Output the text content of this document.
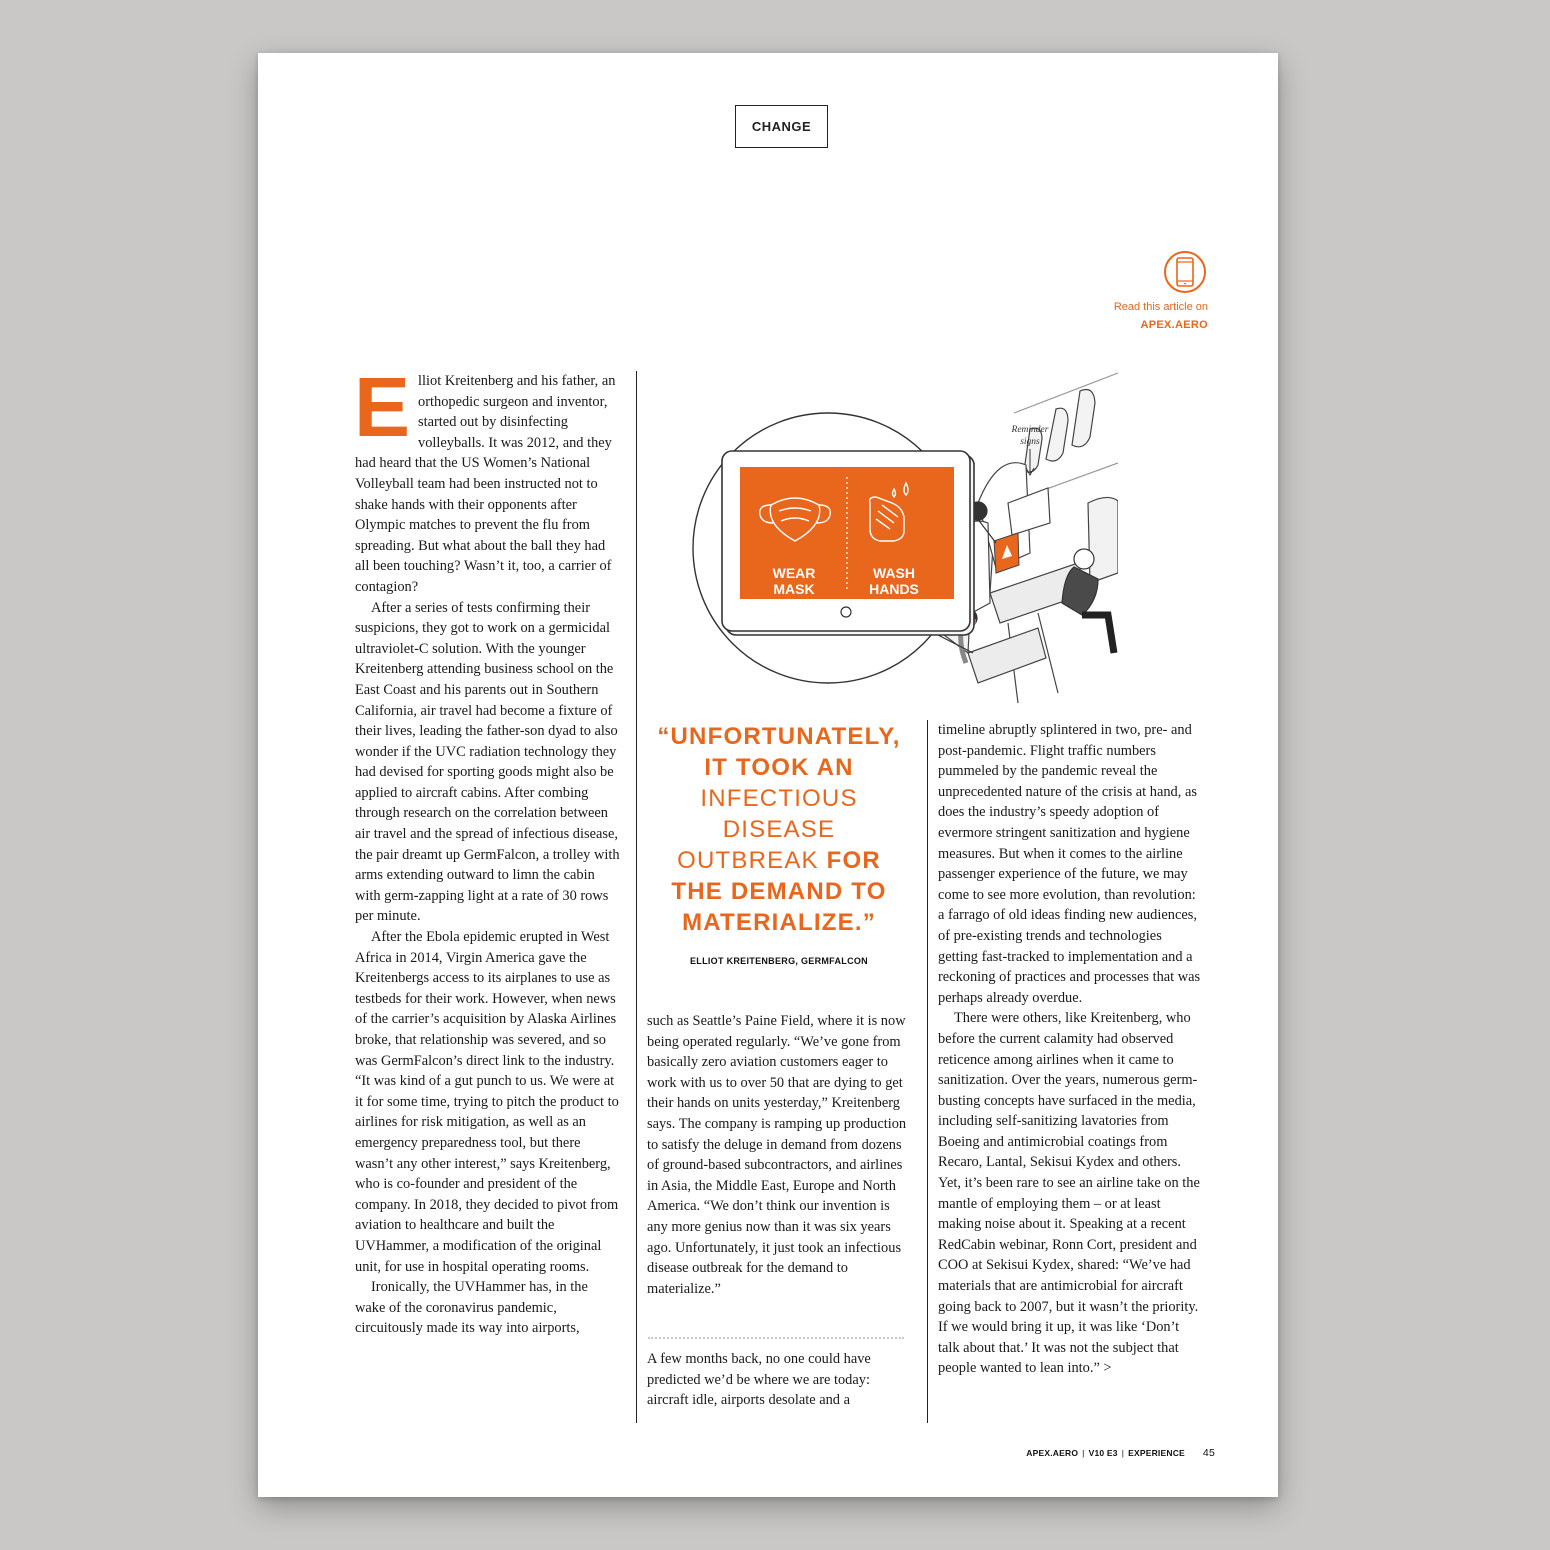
CHANGE
Read this article on
APEX.AERO
E lliot Kreitenberg and his father, an orthopedic surgeon and inventor, started out by disinfecting volleyballs. It was 2012, and they had heard that the US Women’s National Volleyball team had been instructed not to shake hands with their opponents after Olympic matches to prevent the flu from spreading. But what about the ball they had all been touching? Wasn’t it, too, a carrier of contagion?

After a series of tests confirming their suspicions, they got to work on a germicidal ultraviolet-C solution. With the younger Kreitenberg attending business school on the East Coast and his parents out in Southern California, air travel had become a fixture of their lives, leading the father-son dyad to also wonder if the UVC radiation technology they had devised for sporting goods might also be applied to aircraft cabins. After combing through research on the correlation between air travel and the spread of infectious disease, the pair dreamt up GermFalcon, a trolley with arms extending outward to limn the cabin with germ-zapping light at a rate of 30 rows per minute.

After the Ebola epidemic erupted in West Africa in 2014, Virgin America gave the Kreitenbergs access to its airplanes to use as testbeds for their work. However, when news of the carrier’s acquisition by Alaska Airlines broke, that relationship was severed, and so was GermFalcon’s direct link to the industry. “It was kind of a gut punch to us. We were at it for some time, trying to pitch the product to airlines for risk mitigation, as well as an emergency preparedness tool, but there wasn’t any other interest,” says Kreitenberg, who is co-founder and president of the company. In 2018, they decided to pivot from aviation to healthcare and built the UVHammer, a modification of the original unit, for use in hospital operating rooms.

Ironically, the UVHammer has, in the wake of the coronavirus pandemic, circuitously made its way into airports,

WEAR
MASK
WASH
HANDS
Reminder
signs
“UNFORTUNATELY, IT TOOK AN INFECTIOUS DISEASE OUTBREAK FOR THE DEMAND TO MATERIALIZE.”
ELLIOT KREITENBERG, GERMFALCON

such as Seattle’s Paine Field, where it is now being operated regularly. “We’ve gone from basically zero aviation customers eager to work with us to over 50 that are dying to get their hands on units yesterday,” Kreitenberg says. The company is ramping up production to satisfy the deluge in demand from dozens of ground-based subcontractors, and airlines in Asia, the Middle East, Europe and North America. “We don’t think our invention is any more genius now than it was six years ago. Unfortunately, it just took an infectious disease outbreak for the demand to materialize.”

A few months back, no one could have predicted we’d be where we are today: aircraft idle, airports desolate and a

timeline abruptly splintered in two, pre- and post-pandemic. Flight traffic numbers pummeled by the pandemic reveal the unprecedented nature of the crisis at hand, as does the industry’s speedy adoption of evermore stringent sanitization and hygiene measures. But when it comes to the airline passenger experience of the future, we may come to see more evolution, than revolution: a farrago of old ideas finding new audiences, of pre-existing trends and technologies getting fast-tracked to implementation and a reckoning of practices and processes that was perhaps already overdue.

There were others, like Kreitenberg, who before the current calamity had observed reticence among airlines when it came to sanitization. Over the years, numerous germ-busting concepts have surfaced in the media, including self-sanitizing lavatories from Boeing and antimicrobial coatings from Recaro, Lantal, Sekisui Kydex and others. Yet, it’s been rare to see an airline take on the mantle of employing them – or at least making noise about it. Speaking at a recent RedCabin webinar, Ronn Cort, president and COO at Sekisui Kydex, shared: “We’ve had materials that are antimicrobial for aircraft going back to 2007, but it wasn’t the priority. If we would bring it up, it was like ‘Don’t talk about that.’ It was not the subject that people wanted to lean into.” >

APEX.AERO | V10 E3 | EXPERIENCE 45
